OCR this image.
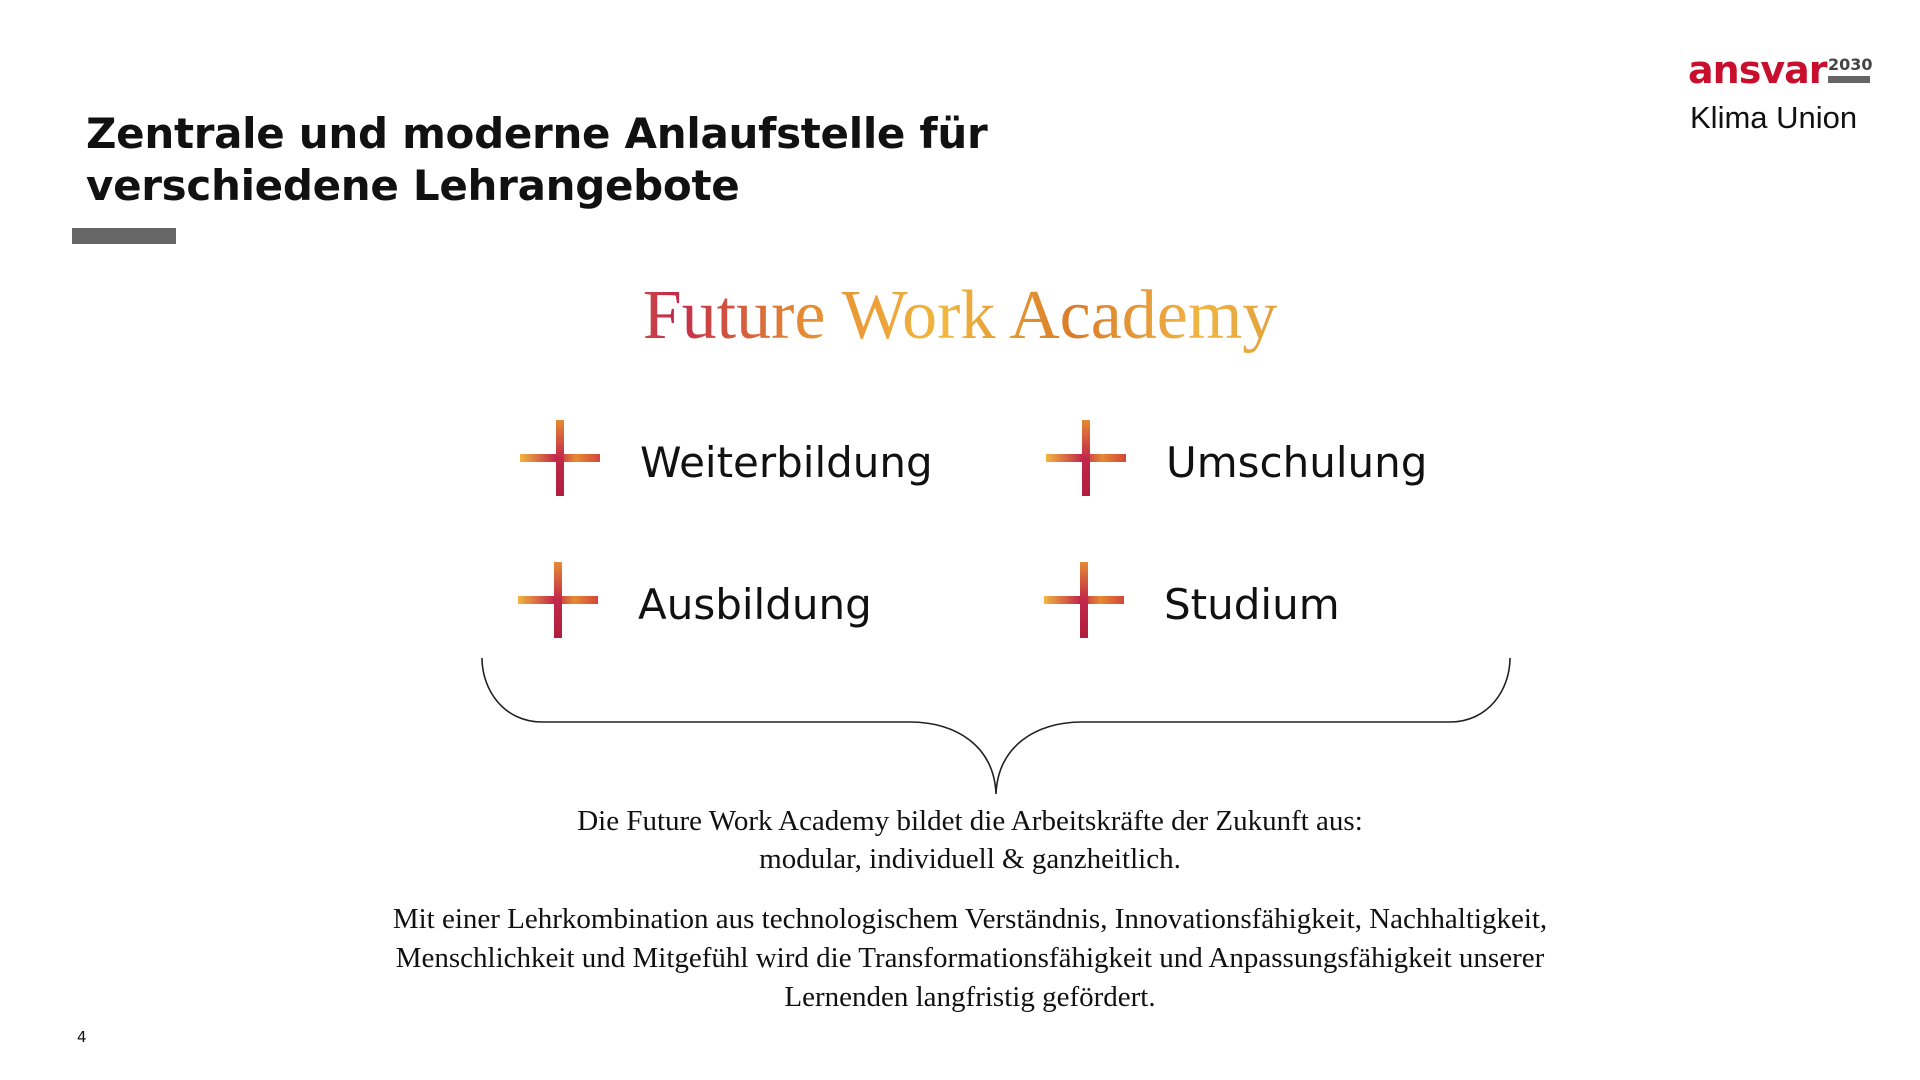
ansvar 2030
Klima Union
Zentrale und moderne Anlaufstelle für
verschiedene Lehrangebote
Future Work Academy
Weiterbildung	Umschulung
Ausbildung	Studium
Die Future Work Academy bildet die Arbeitskräfte der Zukunft aus:
modular, individuell & ganzheitlich.
Mit einer Lehrkombination aus technologischem Verständnis, Innovationsfähigkeit, Nachhaltigkeit,
Menschlichkeit und Mitgefühl wird die Transformationsfähigkeit und Anpassungsfähigkeit unserer
Lernenden langfristig gefördert.
4
